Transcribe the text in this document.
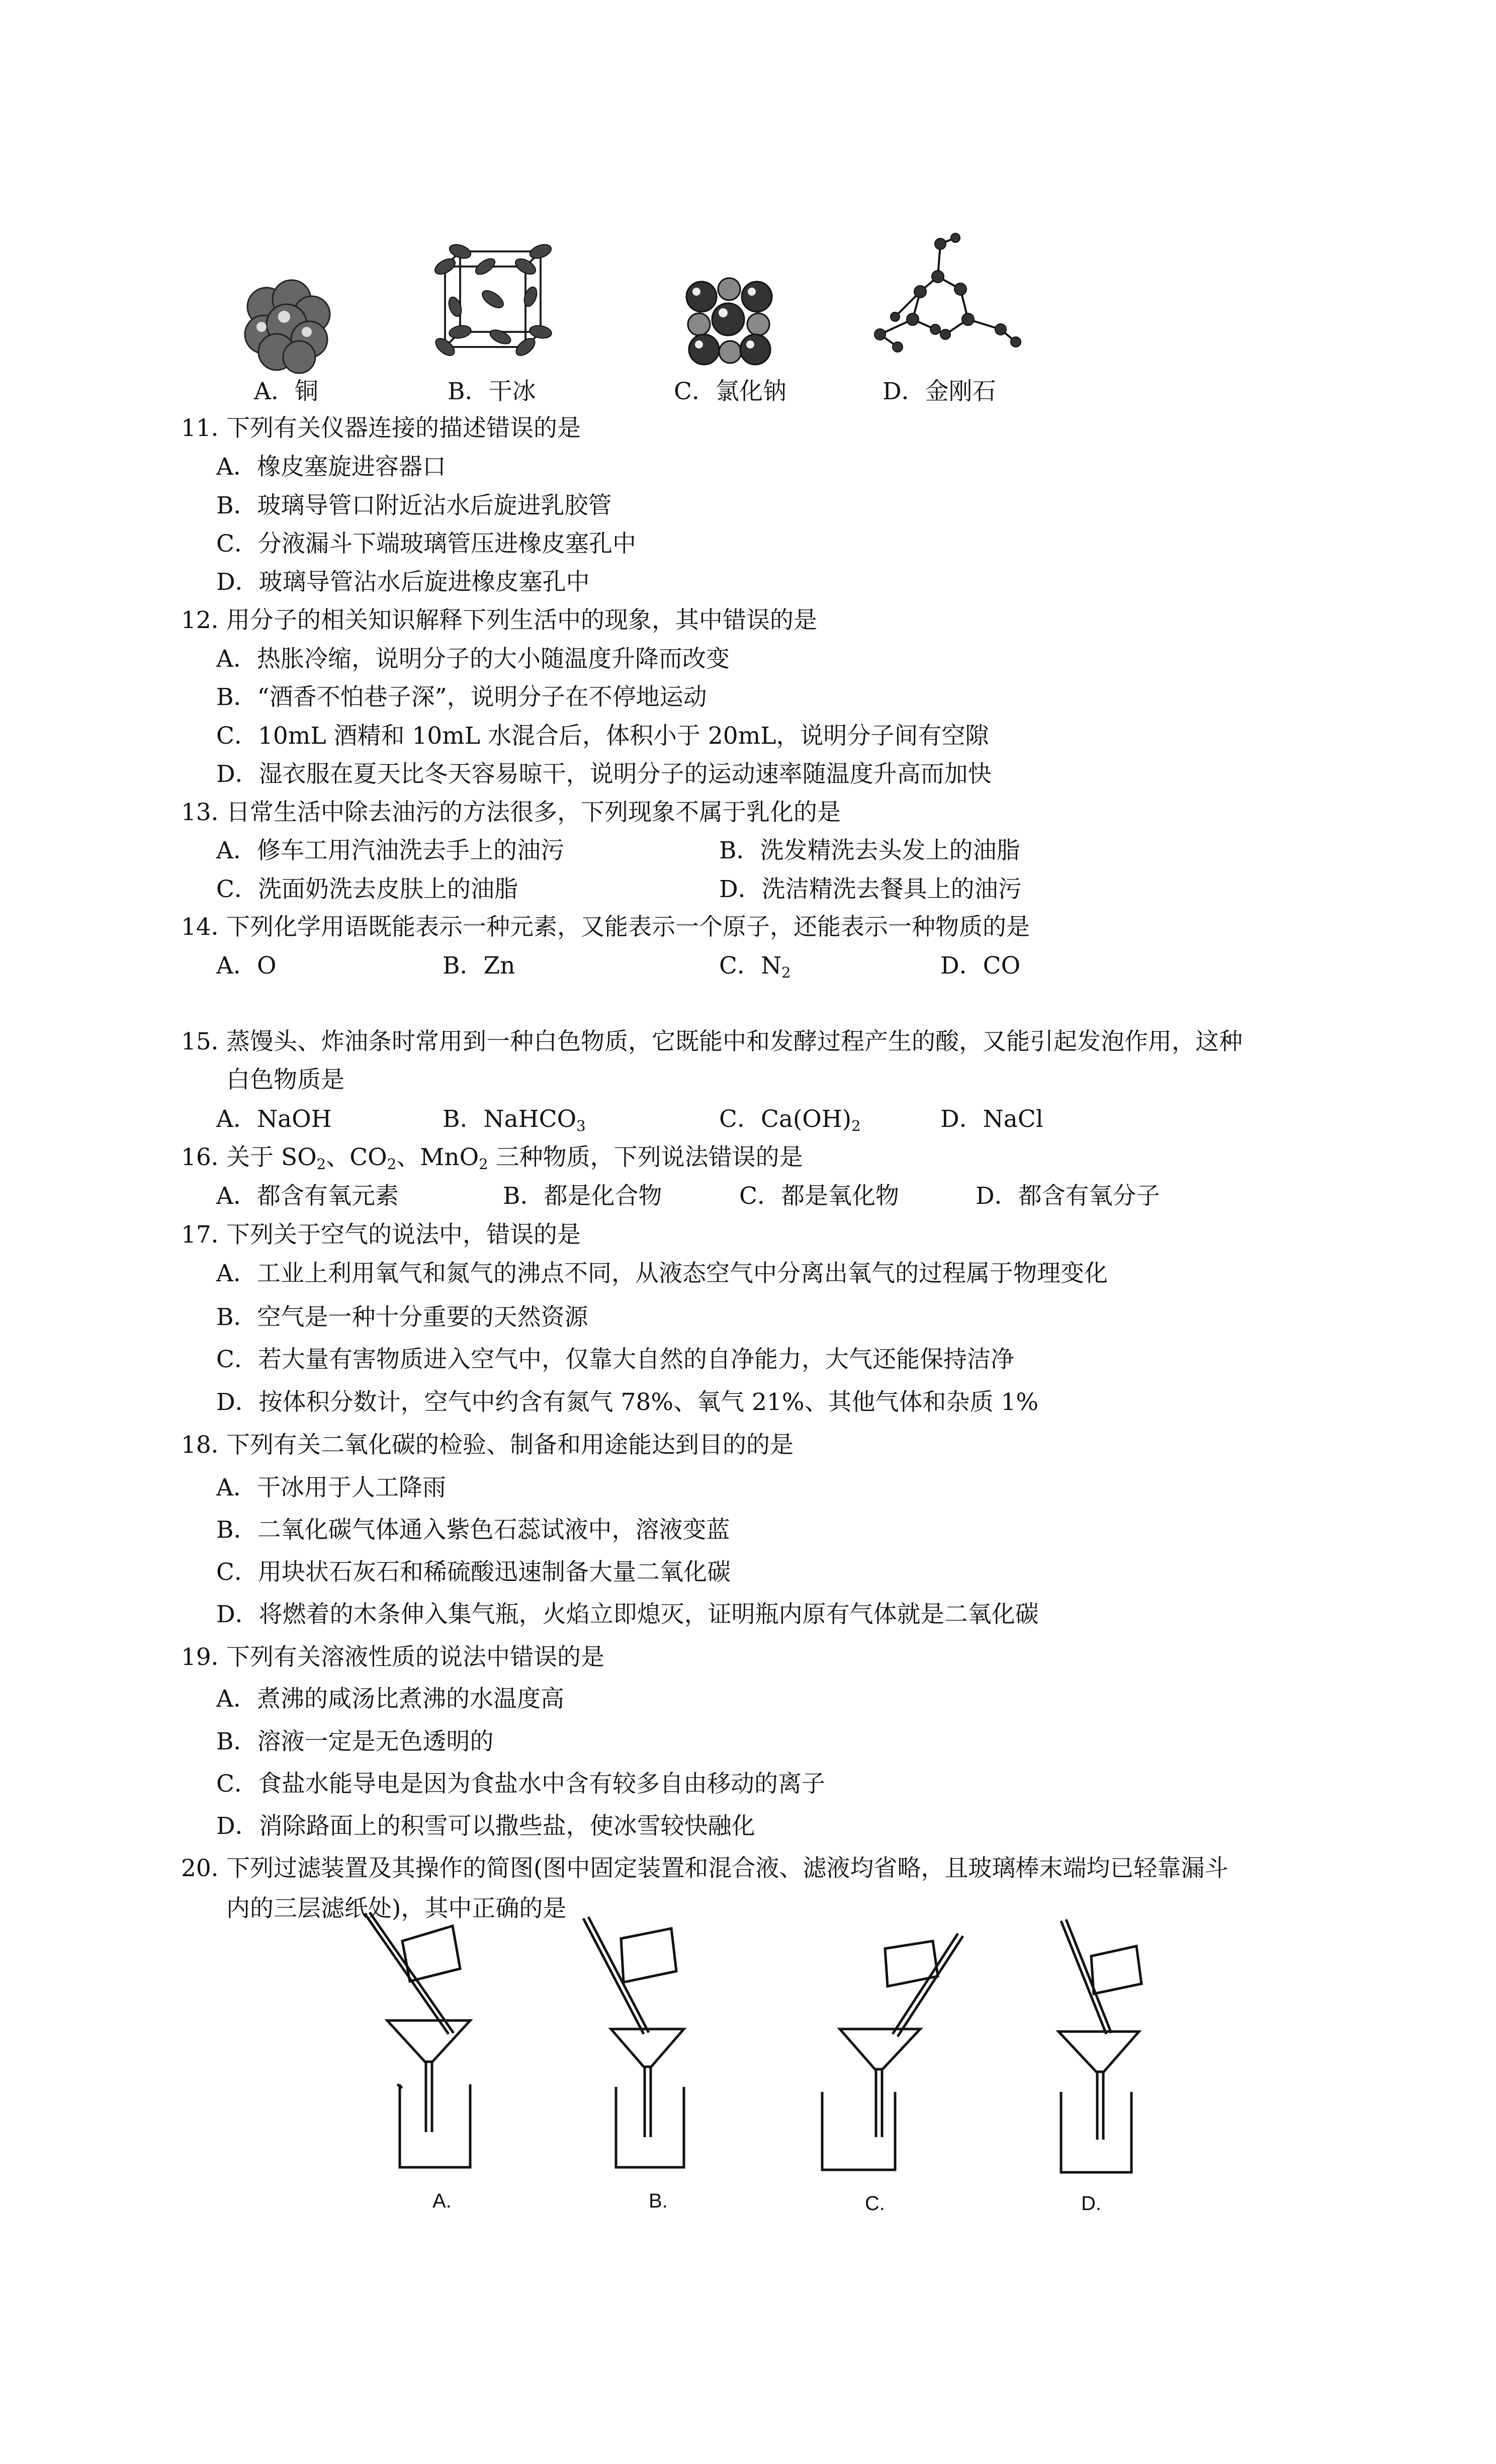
A．铜	B．干冰	C．氯化钠	D．金刚石
11．
下列有关仪器连接的描述错误的是
A．橡皮塞旋进容器口
B．玻璃导管口附近沾水后旋进乳胶管
C．分液漏斗下端玻璃管压进橡皮塞孔中
D．玻璃导管沾水后旋进橡皮塞孔中
12．
用分子的相关知识解释下列生活中的现象，其中错误的是
A．热胀冷缩，说明分子的大小随温度升降而改变
B．“酒香不怕巷子深”，说明分子在不停地运动
C．10mL 酒精和 10mL 水混合后，体积小于 20mL，说明分子间有空隙
D．湿衣服在夏天比冬天容易晾干，说明分子的运动速率随温度升高而加快
13．
日常生活中除去油污的方法很多，下列现象不属于乳化的是
A．修车工用汽油洗去手上的油污	B．洗发精洗去头发上的油脂
C．洗面奶洗去皮肤上的油脂	D．洗洁精洗去餐具上的油污
14．
下列化学用语既能表示一种元素，又能表示一个原子，还能表示一种物质的是
A．O	B．Zn	C．$N_2$	D．CO
15．
蒸馒头、炸油条时常用到一种白色物质，它既能中和发酵过程产生的酸，又能引起发泡作用，这种
白色物质是
A．NaOH	B．NaHCO$_3$	C．$Ca(OH)_2$	D．NaCl
16．
关于 $SO_2$、$CO_2$、MnO$_2$ 三种物质，下列说法错误的是
A．都含有氧元素	B．都是化合物	C．都是氧化物	D．都含有氧分子
17．
下列关于空气的说法中，错误的是
A．工业上利用氧气和氮气的沸点不同，从液态空气中分离出氧气的过程属于物理变化
B．空气是一种十分重要的天然资源
C．若大量有害物质进入空气中，仅靠大自然的自净能力，大气还能保持洁净
D．按体积分数计，空气中约含有氮气 78%、氧气 21%、其他气体和杂质 1%
18．
下列有关二氧化碳的检验、制备和用途能达到目的的是
A．干冰用于人工降雨
B．二氧化碳气体通入紫色石蕊试液中，溶液变蓝
C．用块状石灰石和稀硫酸迅速制备大量二氧化碳
D．将燃着的木条伸入集气瓶，火焰立即熄灭，证明瓶内原有气体就是二氧化碳
19．
下列有关溶液性质的说法中错误的是
A．煮沸的咸汤比煮沸的水温度高
B．溶液一定是无色透明的
C．食盐水能导电是因为食盐水中含有较多自由移动的离子
D．消除路面上的积雪可以撒些盐，使冰雪较快融化
20．
下列过滤装置及其操作的简图(图中固定装置和混合液、滤液均省略，且玻璃棒末端均已轻靠漏斗
内的三层滤纸处)，其中正确的是
A.	B.	C.	D.
